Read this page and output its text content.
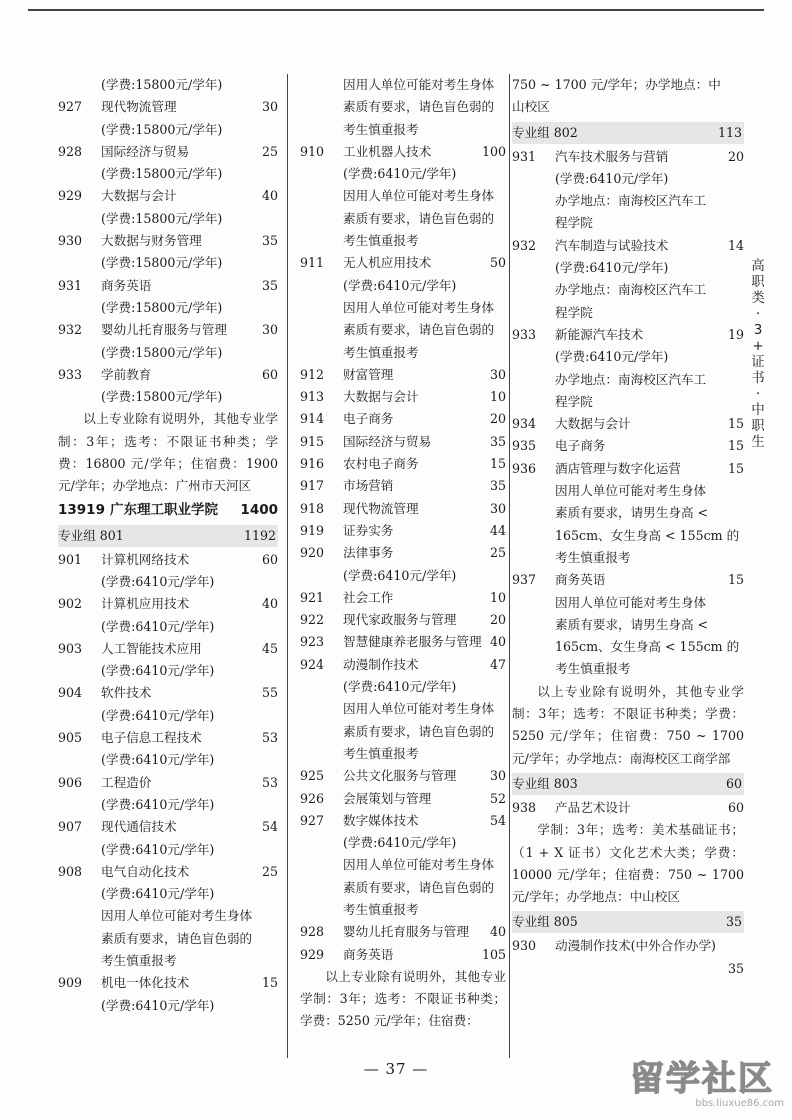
(学费:15800元/学年)
927 现代物流管理	30
(学费:15800元/学年)
928 国际经济与贸易	25
(学费:15800元/学年)
929 大数据与会计	40
(学费:15800元/学年)
930 大数据与财务管理	35
(学费:15800元/学年)
931 商务英语	35
(学费:15800元/学年)
932 婴幼儿托育服务与管理	30
(学费:15800元/学年)
933 学前教育	60
(学费:15800元/学年)
以上专业除有说明外，其他专业学制：3年；选考：不限证书种类；学费：16800 元/学年；住宿费：1900 元/学年；办学地点：广州市天河区
13919 广东理工职业学院 1400
专业组 801	1192
901 计算机网络技术	60
(学费:6410元/学年)
902 计算机应用技术	40
(学费:6410元/学年)
903 人工智能技术应用	45
(学费:6410元/学年)
904 软件技术	55
(学费:6410元/学年)
905 电子信息工程技术	53
(学费:6410元/学年)
906 工程造价	53
(学费:6410元/学年)
907 现代通信技术	54
(学费:6410元/学年)
908 电气自动化技术	25
(学费:6410元/学年)
因用人单位可能对考生身体
素质有要求，请色盲色弱的
考生慎重报考
909 机电一体化技术	15
(学费:6410元/学年)
因用人单位可能对考生身体
素质有要求，请色盲色弱的
考生慎重报考
910 工业机器人技术	100
(学费:6410元/学年)
因用人单位可能对考生身体
素质有要求，请色盲色弱的
考生慎重报考
911 无人机应用技术	50
(学费:6410元/学年)
因用人单位可能对考生身体
素质有要求，请色盲色弱的
考生慎重报考
912 财富管理	30
913 大数据与会计	10
914 电子商务	20
915 国际经济与贸易	35
916 农村电子商务	15
917 市场营销	35
918 现代物流管理	30
919 证券实务	44
920 法律事务	25
(学费:6410元/学年)
921 社会工作	10
922 现代家政服务与管理	20
923 智慧健康养老服务与管理 40
924 动漫制作技术	47
(学费:6410元/学年)
因用人单位可能对考生身体
素质有要求，请色盲色弱的
考生慎重报考
925 公共文化服务与管理	30
926 会展策划与管理	52
927 数字媒体技术	54
(学费:6410元/学年)
因用人单位可能对考生身体
素质有要求，请色盲色弱的
考生慎重报考
928 婴幼儿托育服务与管理 40
929 商务英语	105
以上专业除有说明外，其他专业学制：3年；选考：不限证书种类；学费：5250 元/学年；住宿费：
750 ~ 1700 元/学年；办学地点：中
山校区
专业组 802	113
931 汽车技术服务与营销	20
(学费:6410元/学年)
办学地点：南海校区汽车工
程学院
932 汽车制造与试验技术	14
(学费:6410元/学年)
办学地点：南海校区汽车工
程学院
933 新能源汽车技术	19
(学费:6410元/学年)
办学地点：南海校区汽车工
程学院
934 大数据与会计	15
935 电子商务	15
936 酒店管理与数字化运营	15
因用人单位可能对考生身体
素质有要求，请男生身高 <
165cm、女生身高 < 155cm 的
考生慎重报考
937 商务英语	15
因用人单位可能对考生身体
素质有要求，请男生身高 <
165cm、女生身高 < 155cm 的
考生慎重报考
以上专业除有说明外，其他专业学制：3年；选考：不限证书种类；学费：5250 元/学年；住宿费：750 ~ 1700 元/学年；办学地点：南海校区工商学部
专业组 803	60
938 产品艺术设计	60
学制：3年；选考：美术基础证书；（1 + X 证书）文化艺术大类；学费：10000 元/学年；住宿费：750 ~ 1700 元/学年；办学地点：中山校区
专业组 805	35
930 动漫制作技术(中外合作办学)
35
高
职
类
·
3
+
证
书
·
中
职
生
— 37 —	留学社区
bbs.liuxue86.com
